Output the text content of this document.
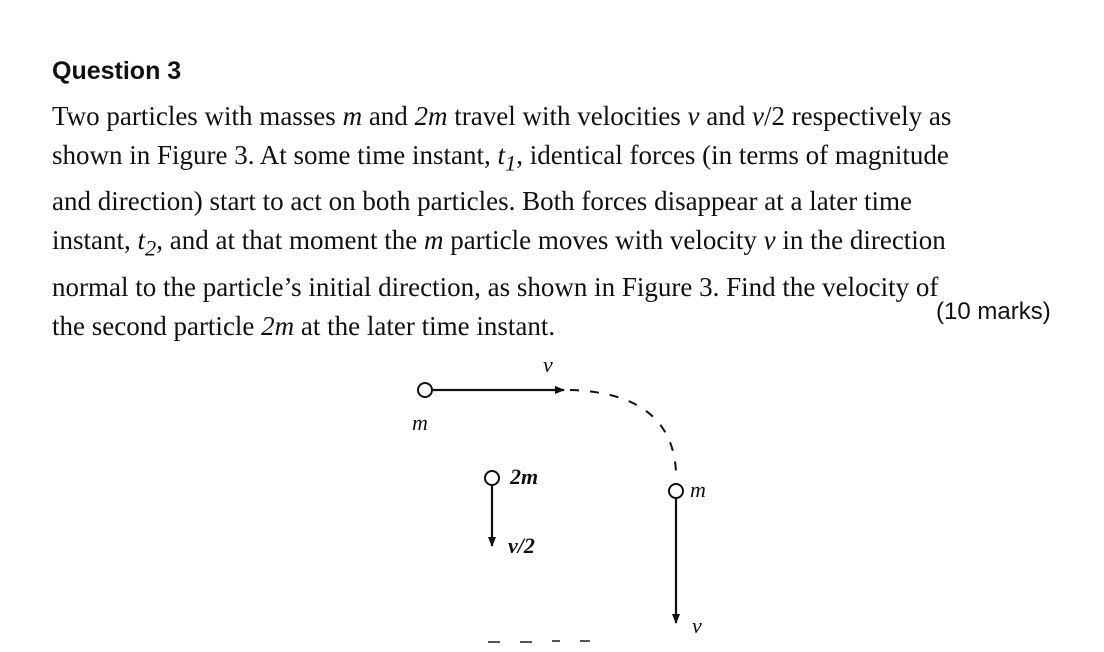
Question 3
Two particles with masses m and 2m travel with velocities v and v/2 respectively as
shown in Figure 3. At some time instant, $t_1$, identical forces (in terms of magnitude
and direction) start to act on both particles. Both forces disappear at a later time
instant, $t_2$, and at that moment the m particle moves with velocity v in the direction
normal to the particle’s initial direction, as shown in Figure 3. Find the velocity of
the second particle 2m at the later time instant.	(10 marks)
m
v
2m
v/2
m
v
